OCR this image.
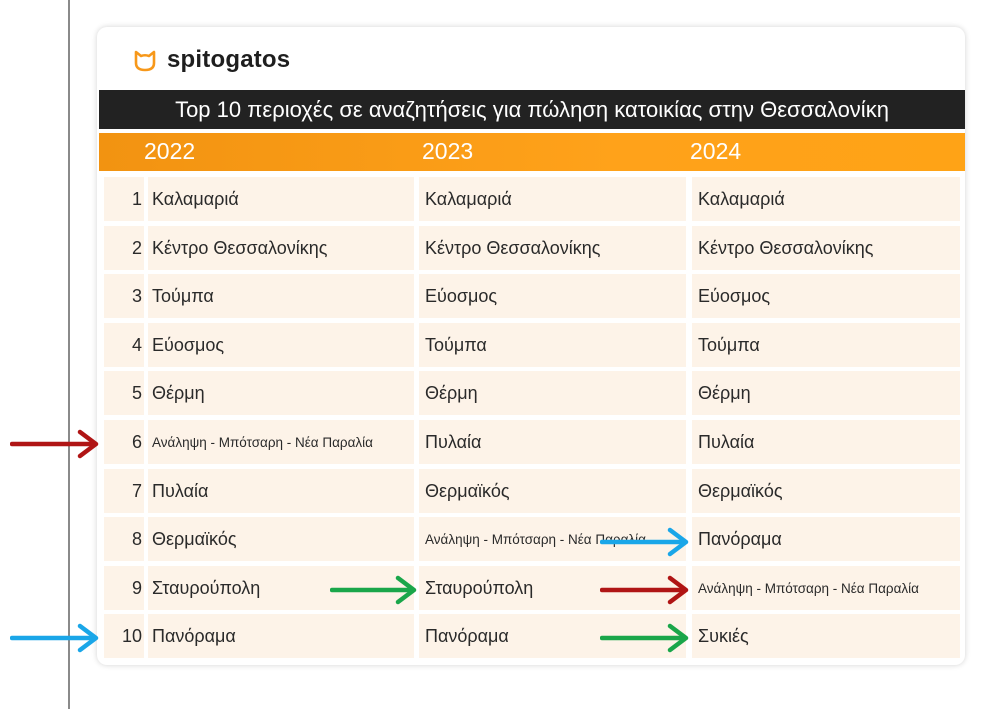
spitogatos
Top 10 περιοχές σε αναζητήσεις για πώληση κατοικίας στην Θεσσαλονίκη
2022	2023	2024
1 Καλαμαριά	Καλαμαριά	Καλαμαριά
2 Κέντρο Θεσσαλονίκης	Κέντρο Θεσσαλονίκης	Κέντρο Θεσσαλονίκης
3 Τούμπα	Εύοσμος	Εύοσμος
4 Εύοσμος	Τούμπα	Τούμπα
5 Θέρμη	Θέρμη	Θέρμη
6 Ανάληψη - Μπότσαρη - Νέα Παραλία	Πυλαία	Πυλαία
7 Πυλαία	Θερμαϊκός	Θερμαϊκός
8 Θερμαϊκός	Ανάληψη - Μπότσαρη - Νέα Παραλία	Πανόραμα
9 Σταυρούπολη	Σταυρούπολη	Ανάληψη - Μπότσαρη - Νέα Παραλία
10 Πανόραμα	Πανόραμα	Συκιές
